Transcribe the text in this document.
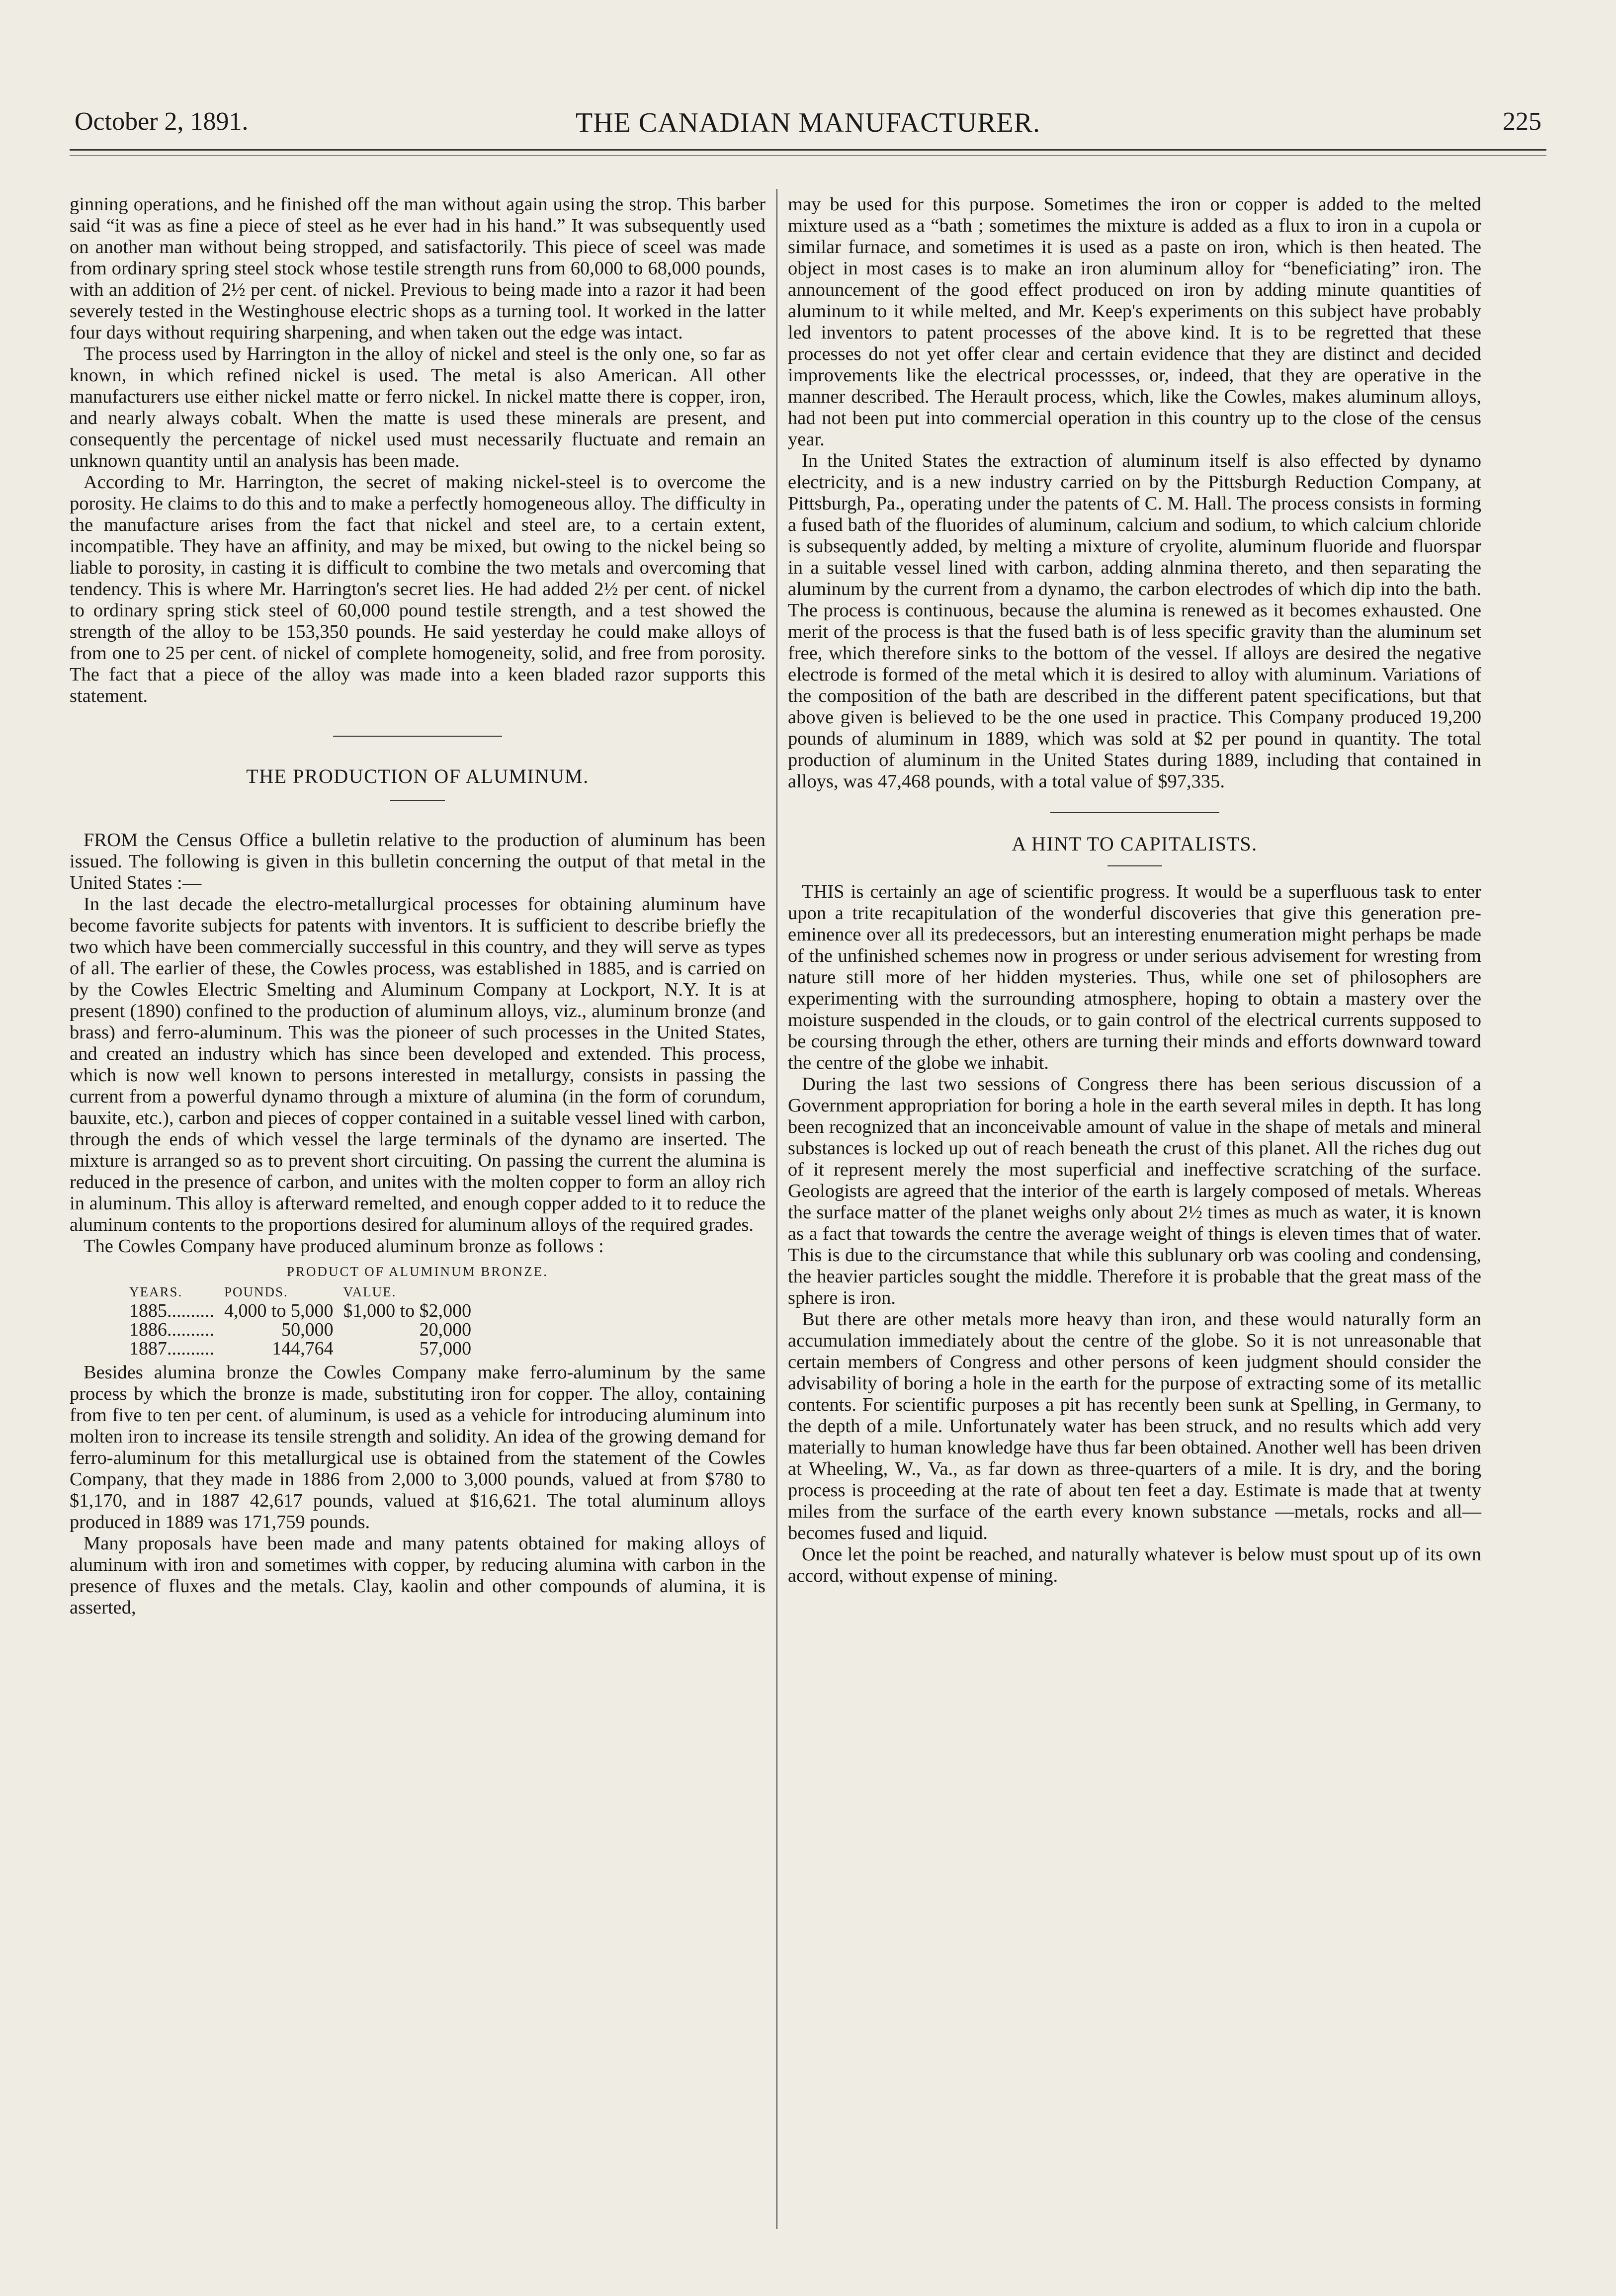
October 2, 1891.	THE CANADIAN MANUFACTURER.	225

ginning operations, and he finished off the man without again using the strop. This barber said “it was as fine a piece of steel as he ever had in his hand.” It was subsequently used on another man without being stropped, and satisfactorily. This piece of sceel was made from ordinary spring steel stock whose testile strength runs from 60,000 to 68,000 pounds, with an addition of 2½ per cent. of nickel. Previous to being made into a razor it had been severely tested in the Westinghouse electric shops as a turning tool. It worked in the latter four days without requiring sharpening, and when taken out the edge was intact.

The process used by Harrington in the alloy of nickel and steel is the only one, so far as known, in which refined nickel is used. The metal is also American. All other manufacturers use either nickel matte or ferro nickel. In nickel matte there is copper, iron, and nearly always cobalt. When the matte is used these minerals are present, and consequently the percentage of nickel used must necessarily fluctuate and remain an unknown quantity until an analysis has been made.

According to Mr. Harrington, the secret of making nickel-steel is to overcome the porosity. He claims to do this and to make a perfectly homogeneous alloy. The difficulty in the manufacture arises from the fact that nickel and steel are, to a certain extent, incompatible. They have an affinity, and may be mixed, but owing to the nickel being so liable to porosity, in casting it is difficult to combine the two metals and overcoming that tendency. This is where Mr. Harrington's secret lies. He had added 2½ per cent. of nickel to ordinary spring stick steel of 60,000 pound testile strength, and a test showed the strength of the alloy to be 153,350 pounds. He said yesterday he could make alloys of from one to 25 per cent. of nickel of complete homogeneity, solid, and free from porosity. The fact that a piece of the alloy was made into a keen bladed razor supports this statement.

THE PRODUCTION OF ALUMINUM.

FROM the Census Office a bulletin relative to the production of aluminum has been issued. The following is given in this bulletin concerning the output of that metal in the United States :—

In the last decade the electro-metallurgical processes for obtaining aluminum have become favorite subjects for patents with inventors. It is sufficient to describe briefly the two which have been commercially successful in this country, and they will serve as types of all. The earlier of these, the Cowles process, was established in 1885, and is carried on by the Cowles Electric Smelting and Aluminum Company at Lockport, N.Y. It is at present (1890) confined to the production of aluminum alloys, viz., aluminum bronze (and brass) and ferro-aluminum. This was the pioneer of such processes in the United States, and created an industry which has since been developed and extended. This process, which is now well known to persons interested in metallurgy, consists in passing the current from a powerful dynamo through a mixture of alumina (in the form of corundum, bauxite, etc.), carbon and pieces of copper contained in a suitable vessel lined with carbon, through the ends of which vessel the large terminals of the dynamo are inserted. The mixture is arranged so as to prevent short circuiting. On passing the current the alumina is reduced in the presence of carbon, and unites with the molten copper to form an alloy rich in aluminum. This alloy is afterward remelted, and enough copper added to it to reduce the aluminum contents to the proportions desired for aluminum alloys of the required grades.

The Cowles Company have produced aluminum bronze as follows :

PRODUCT OF ALUMINUM BRONZE.

YEARS.	POUNDS.	VALUE.
1885..........	4,000 to 5,000	$1,000 to $2,000
1886..........	50,000	20,000
1887..........	144,764	57,000

Besides alumina bronze the Cowles Company make ferro-aluminum by the same process by which the bronze is made, substituting iron for copper. The alloy, containing from five to ten per cent. of aluminum, is used as a vehicle for introducing aluminum into molten iron to increase its tensile strength and solidity. An idea of the growing demand for ferro-aluminum for this metallurgical use is obtained from the statement of the Cowles Company, that they made in 1886 from 2,000 to 3,000 pounds, valued at from $780 to $1,170, and in 1887 42,617 pounds, valued at $16,621. The total aluminum alloys produced in 1889 was 171,759 pounds.

Many proposals have been made and many patents obtained for making alloys of aluminum with iron and sometimes with copper, by reducing alumina with carbon in the presence of fluxes and the metals. Clay, kaolin and other compounds of alumina, it is asserted,

may be used for this purpose. Sometimes the iron or copper is added to the melted mixture used as a “bath ; sometimes the mixture is added as a flux to iron in a cupola or similar furnace, and sometimes it is used as a paste on iron, which is then heated. The object in most cases is to make an iron aluminum alloy for “beneficiating” iron. The announcement of the good effect produced on iron by adding minute quantities of aluminum to it while melted, and Mr. Keep's experiments on this subject have probably led inventors to patent processes of the above kind. It is to be regretted that these processes do not yet offer clear and certain evidence that they are distinct and decided improvements like the electrical processses, or, indeed, that they are operative in the manner described. The Herault process, which, like the Cowles, makes aluminum alloys, had not been put into commercial operation in this country up to the close of the census year.

In the United States the extraction of aluminum itself is also effected by dynamo electricity, and is a new industry carried on by the Pittsburgh Reduction Company, at Pittsburgh, Pa., operating under the patents of C. M. Hall. The process consists in forming a fused bath of the fluorides of aluminum, calcium and sodium, to which calcium chloride is subsequently added, by melting a mixture of cryolite, aluminum fluoride and fluorspar in a suitable vessel lined with carbon, adding alnmina thereto, and then separating the aluminum by the current from a dynamo, the carbon electrodes of which dip into the bath. The process is continuous, because the alumina is renewed as it becomes exhausted. One merit of the process is that the fused bath is of less specific gravity than the aluminum set free, which therefore sinks to the bottom of the vessel. If alloys are desired the negative electrode is formed of the metal which it is desired to alloy with aluminum. Variations of the composition of the bath are described in the different patent specifications, but that above given is believed to be the one used in practice. This Company produced 19,200 pounds of aluminum in 1889, which was sold at $2 per pound in quantity. The total production of aluminum in the United States during 1889, including that contained in alloys, was 47,468 pounds, with a total value of $97,335.

A HINT TO CAPITALISTS.

THIS is certainly an age of scientific progress. It would be a superfluous task to enter upon a trite recapitulation of the wonderful discoveries that give this generation pre-eminence over all its predecessors, but an interesting enumeration might perhaps be made of the unfinished schemes now in progress or under serious advisement for wresting from nature still more of her hidden mysteries. Thus, while one set of philosophers are experimenting with the surrounding atmosphere, hoping to obtain a mastery over the moisture suspended in the clouds, or to gain control of the electrical currents supposed to be coursing through the ether, others are turning their minds and efforts downward toward the centre of the globe we inhabit.

During the last two sessions of Congress there has been serious discussion of a Government appropriation for boring a hole in the earth several miles in depth. It has long been recognized that an inconceivable amount of value in the shape of metals and mineral substances is locked up out of reach beneath the crust of this planet. All the riches dug out of it represent merely the most superficial and ineffective scratching of the surface. Geologists are agreed that the interior of the earth is largely composed of metals. Whereas the surface matter of the planet weighs only about 2½ times as much as water, it is known as a fact that towards the centre the average weight of things is eleven times that of water. This is due to the circumstance that while this sublunary orb was cooling and condensing, the heavier particles sought the middle. Therefore it is probable that the great mass of the sphere is iron.

But there are other metals more heavy than iron, and these would naturally form an accumulation immediately about the centre of the globe. So it is not unreasonable that certain members of Congress and other persons of keen judgment should consider the advisability of boring a hole in the earth for the purpose of extracting some of its metallic contents. For scientific purposes a pit has recently been sunk at Spelling, in Germany, to the depth of a mile. Unfortunately water has been struck, and no results which add very materially to human knowledge have thus far been obtained. Another well has been driven at Wheeling, W., Va., as far down as three-quarters of a mile. It is dry, and the boring process is proceeding at the rate of about ten feet a day. Estimate is made that at twenty miles from the surface of the earth every known substance —metals, rocks and all—becomes fused and liquid.

Once let the point be reached, and naturally whatever is below must spout up of its own accord, without expense of mining.
